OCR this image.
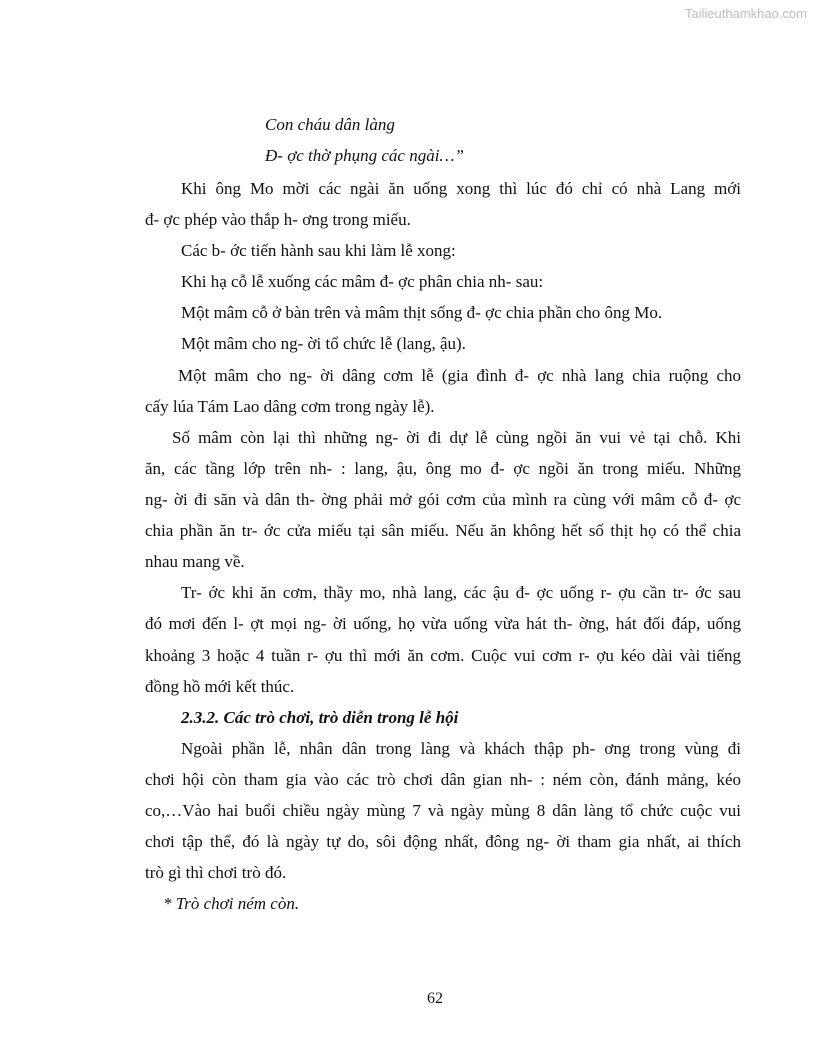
Tailieuthamkhao.com
Con cháu dân làng
Đ- ợc thờ phụng các ngài…”
Khi ông Mo mời các ngài ăn uống xong thì lúc đó chỉ có nhà Lang mới
đ- ợc phép vào thắp h- ơng trong miếu.
Các b- ớc tiến hành sau khi làm lễ xong:
Khi hạ cỗ lễ xuống các mâm đ- ợc phân chia nh- sau:
Một mâm cỗ ở bàn trên và mâm thịt sống đ- ợc chia phần cho ông Mo.
Một mâm cho ng- ời tổ chức lễ (lang, ậu).
Một mâm cho ng- ời dâng cơm lễ (gia đình đ- ợc nhà lang chia ruộng cho
cấy lúa Tám Lao dâng cơm trong ngày lễ).
Số mâm còn lại thì những ng- ời đi dự lễ cùng ngồi ăn vui vẻ tại chỗ. Khi
ăn, các tầng lớp trên nh- : lang, ậu, ông mo đ- ợc ngồi ăn trong miếu. Những
ng- ời đi săn và dân th- ờng phải mở gói cơm của mình ra cùng với mâm cỗ đ- ợc
chia phần ăn tr- ớc cửa miếu tại sân miếu. Nếu ăn không hết số thịt họ có thể chia
nhau mang về.
Tr- ớc khi ăn cơm, thầy mo, nhà lang, các ậu đ- ợc uống r- ợu cần tr- ớc sau
đó mơi đến l- ợt mọi ng- ời uống, họ vừa uống vừa hát th- ờng, hát đối đáp, uống
khoảng 3 hoặc 4 tuần r- ợu thì mới ăn cơm. Cuộc vui cơm r- ợu kéo dài vài tiếng
đồng hồ mới kết thúc.
2.3.2. Các trò chơi, trò diễn trong lễ hội
Ngoài phần lễ, nhân dân trong làng và khách thập ph- ơng trong vùng đi
chơi hội còn tham gia vào các trò chơi dân gian nh- : ném còn, đánh mảng, kéo
co,…Vào hai buổi chiều ngày mùng 7 và ngày mùng 8 dân làng tổ chức cuộc vui
chơi tập thể, đó là ngày tự do, sôi động nhất, đông ng- ời tham gia nhất, ai thích
trò gì thì chơi trò đó.
* Trò chơi ném còn.
62
